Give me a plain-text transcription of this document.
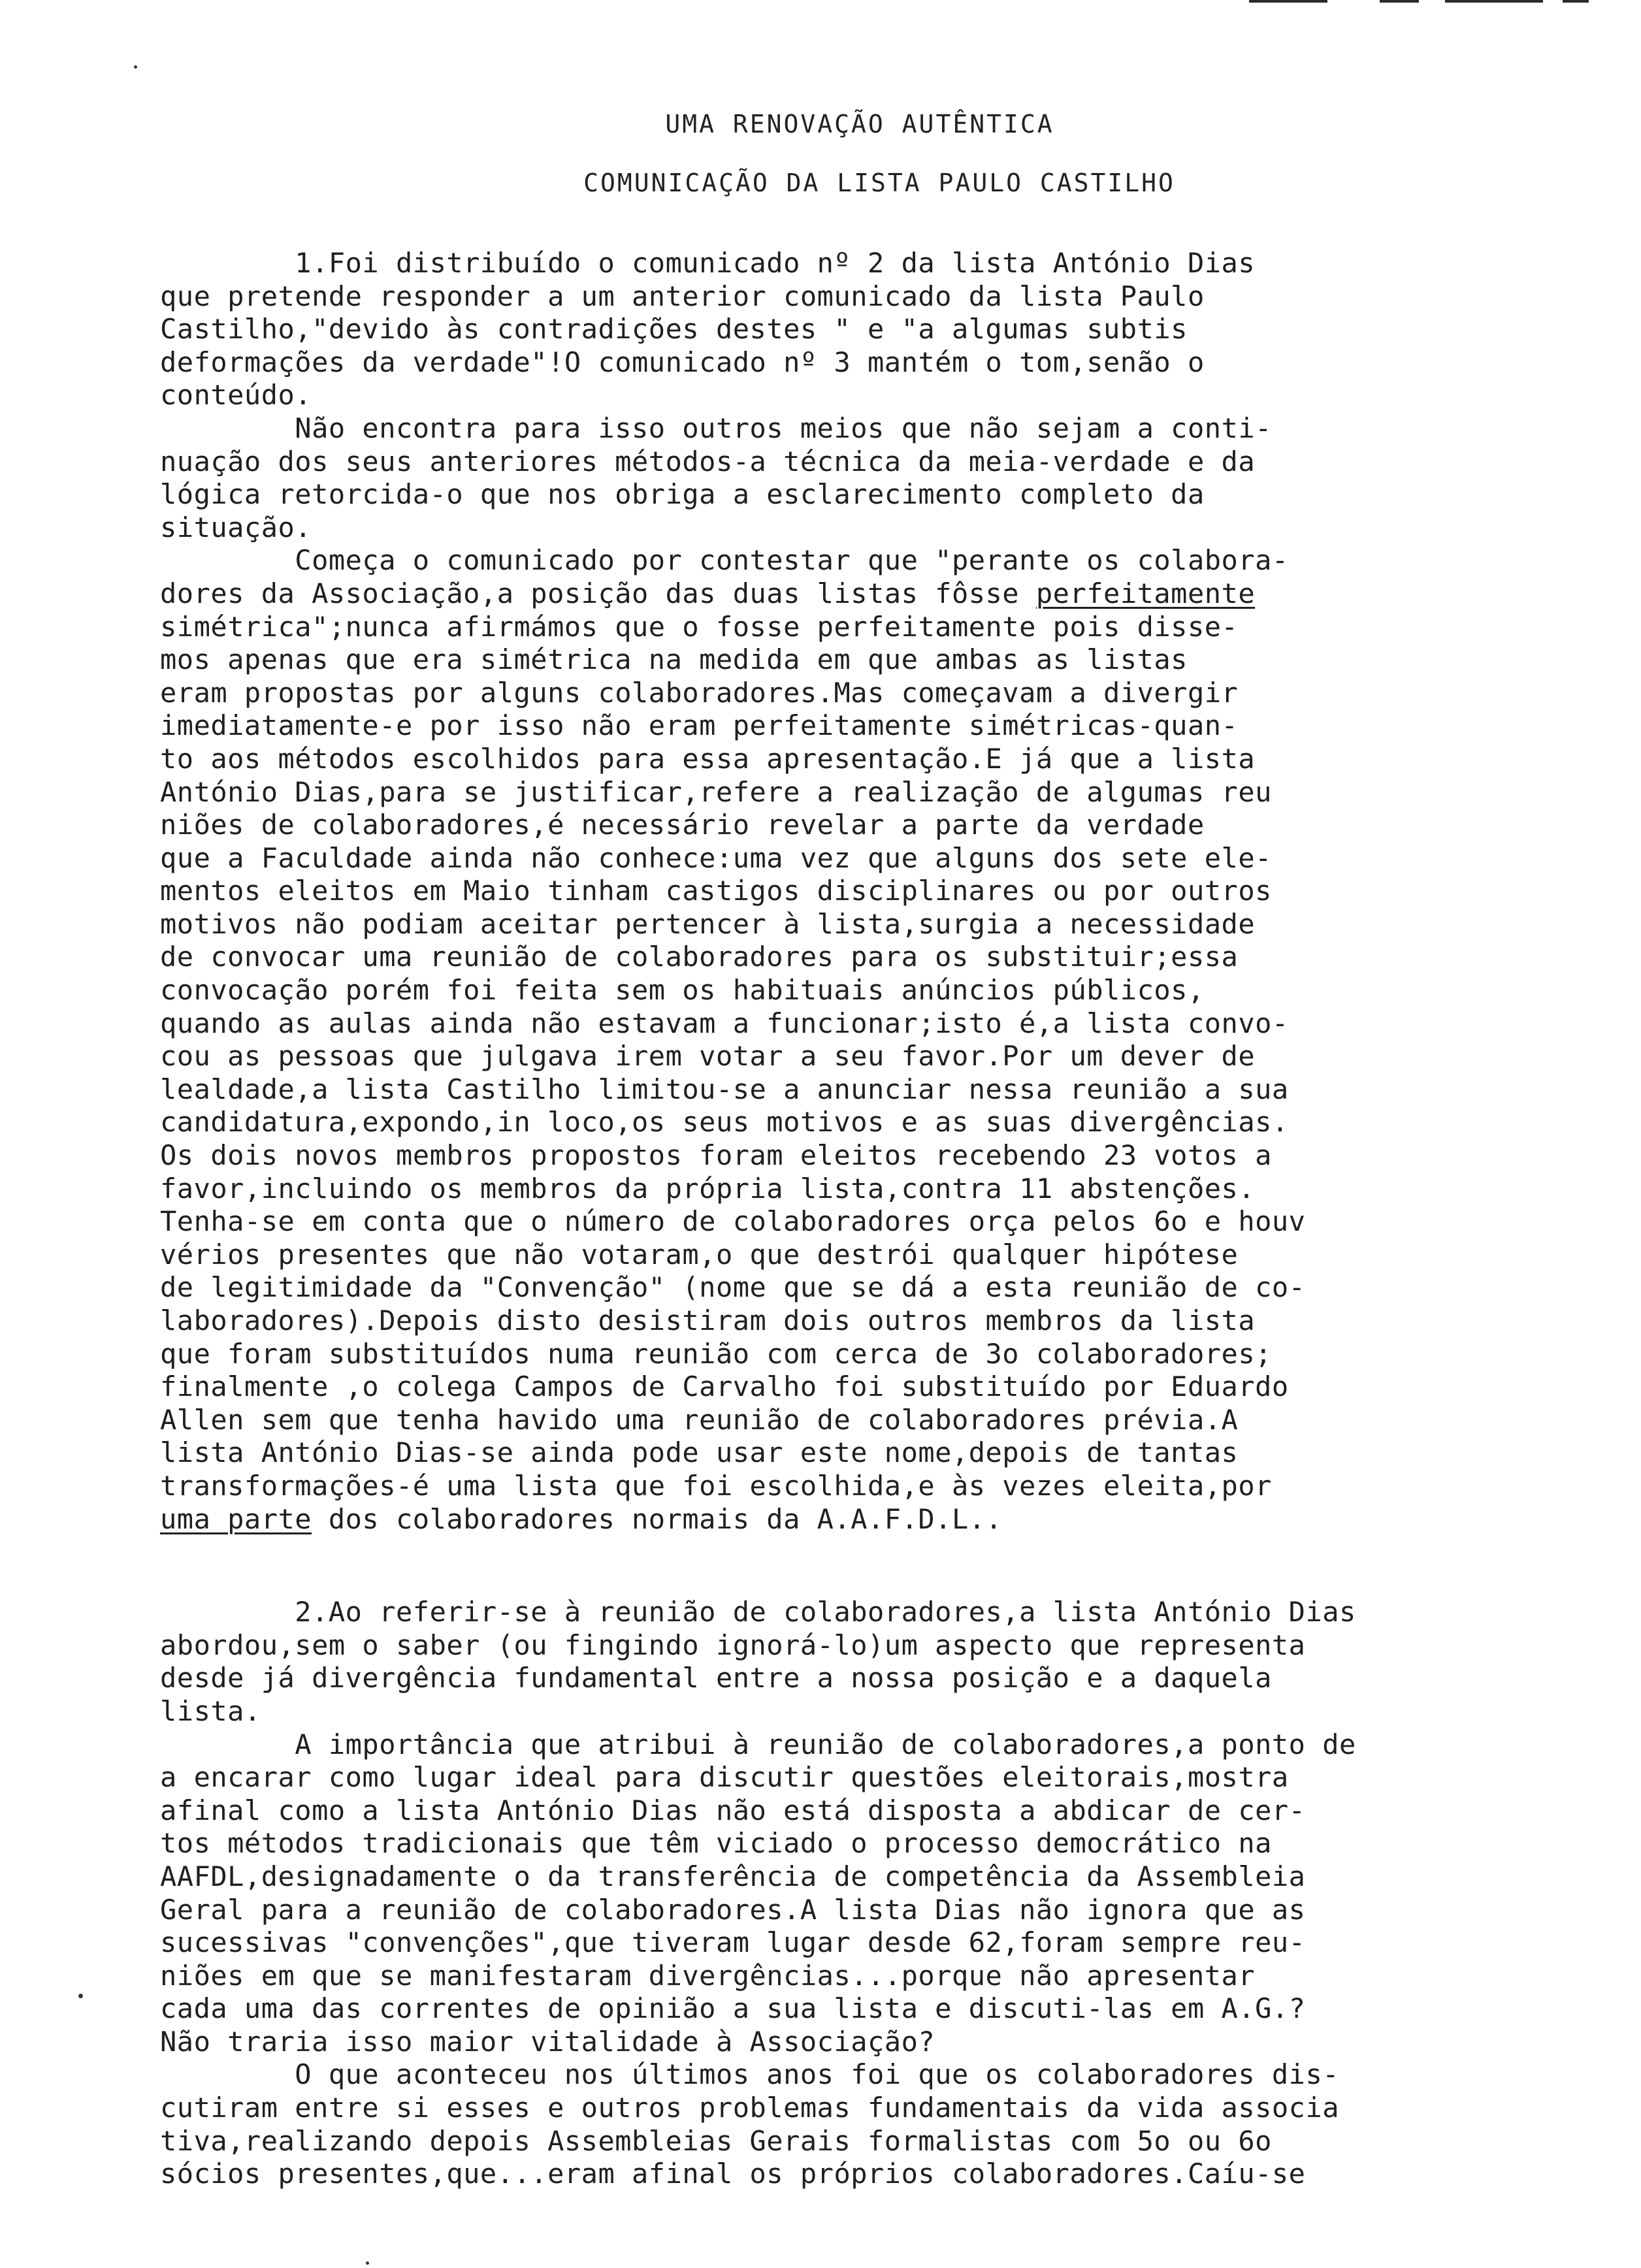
UMA RENOVAÇÃO AUTÊNTICA
COMUNICAÇÃO DA LISTA PAULO CASTILHO
1.Foi distribuído o comunicado nº 2 da lista António Dias
que pretende responder a um anterior comunicado da lista Paulo
Castilho,"devido às contradições destes " e "a algumas subtis
deformações da verdade"!O comunicado nº 3 mantém o tom,senão o
conteúdo.
Não encontra para isso outros meios que não sejam a conti-
nuação dos seus anteriores métodos-a técnica da meia-verdade e da
lógica retorcida-o que nos obriga a esclarecimento completo da
situação.
Começa o comunicado por contestar que "perante os colabora-
dores da Associação,a posição das duas listas fôsse perfeitamente
simétrica";nunca afirmámos que o fosse perfeitamente pois disse-
mos apenas que era simétrica na medida em que ambas as listas
eram propostas por alguns colaboradores.Mas começavam a divergir
imediatamente-e por isso não eram perfeitamente simétricas-quan-
to aos métodos escolhidos para essa apresentação.E já que a lista
António Dias,para se justificar,refere a realização de algumas reu
niões de colaboradores,é necessário revelar a parte da verdade
que a Faculdade ainda não conhece:uma vez que alguns dos sete ele-
mentos eleitos em Maio tinham castigos disciplinares ou por outros
motivos não podiam aceitar pertencer à lista,surgia a necessidade
de convocar uma reunião de colaboradores para os substituir;essa
convocação porém foi feita sem os habituais anúncios públicos,
quando as aulas ainda não estavam a funcionar;isto é,a lista convo-
cou as pessoas que julgava irem votar a seu favor.Por um dever de
lealdade,a lista Castilho limitou-se a anunciar nessa reunião a sua
candidatura,expondo,in loco,os seus motivos e as suas divergências.
Os dois novos membros propostos foram eleitos recebendo 23 votos a
favor,incluindo os membros da própria lista,contra 11 abstenções.
Tenha-se em conta que o número de colaboradores orça pelos 6o e houv
vérios presentes que não votaram,o que destrói qualquer hipótese
de legitimidade da "Convenção" (nome que se dá a esta reunião de co-
laboradores).Depois disto desistiram dois outros membros da lista
que foram substituídos numa reunião com cerca de 3o colaboradores;
finalmente ,o colega Campos de Carvalho foi substituído por Eduardo
Allen sem que tenha havido uma reunião de colaboradores prévia.A
lista António Dias-se ainda pode usar este nome,depois de tantas
transformações-é uma lista que foi escolhida,e às vezes eleita,por
uma parte dos colaboradores normais da A.A.F.D.L..
2.Ao referir-se à reunião de colaboradores,a lista António Dias
abordou,sem o saber (ou fingindo ignorá-lo)um aspecto que representa
desde já divergência fundamental entre a nossa posição e a daquela
lista.
A importância que atribui à reunião de colaboradores,a ponto de
a encarar como lugar ideal para discutir questões eleitorais,mostra
afinal como a lista António Dias não está disposta a abdicar de cer-
tos métodos tradicionais que têm viciado o processo democrático na
AAFDL,designadamente o da transferência de competência da Assembleia
Geral para a reunião de colaboradores.A lista Dias não ignora que as
sucessivas "convenções",que tiveram lugar desde 62,foram sempre reu-
niões em que se manifestaram divergências...porque não apresentar
cada uma das correntes de opinião a sua lista e discuti-las em A.G.?
Não traria isso maior vitalidade à Associação?
O que aconteceu nos últimos anos foi que os colaboradores dis-
cutiram entre si esses e outros problemas fundamentais da vida associa
tiva,realizando depois Assembleias Gerais formalistas com 5o ou 6o
sócios presentes,que...eram afinal os próprios colaboradores.Caíu-se
